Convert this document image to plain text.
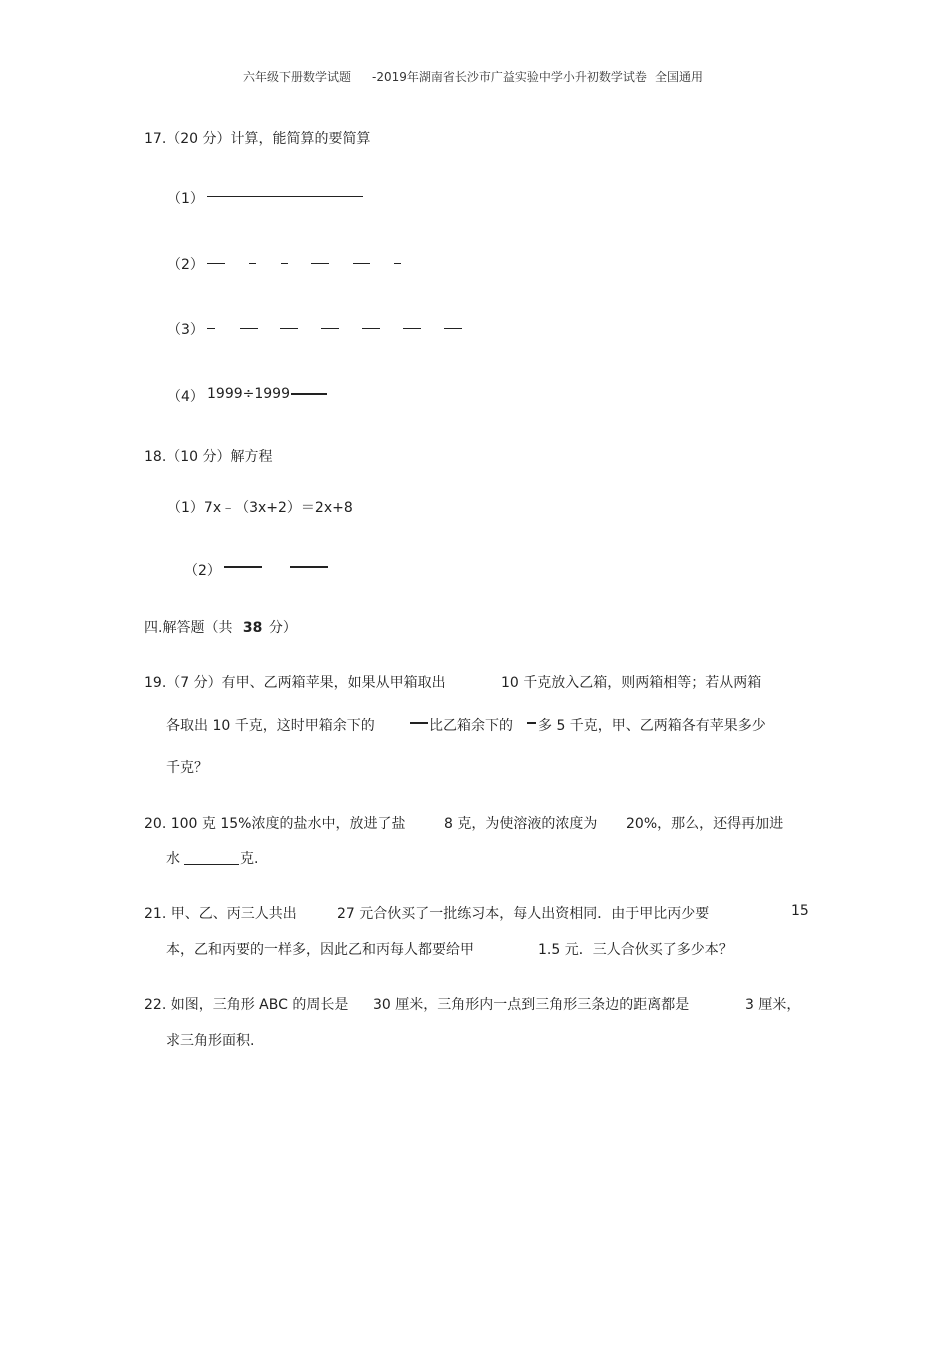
六年级下册数学试题 -2019年湖南省长沙市广益实验中学小升初数学试卷 全国通用
17.（20 分）计算，能简算的要简算
（1）
（2）
（3）
（4） 1999÷1999
18.（10 分）解方程
（1）7x﹣（3x+2）＝2x+8
（2）
四.解答题（共 38 分）
19.（7 分）有甲、乙两箱苹果，如果从甲箱取出	10 千克放入乙箱，则两箱相等；若从两箱
各取出 10 千克，这时甲箱余下的	比乙箱余下的 多 5 千克，甲、乙两箱各有苹果多少
千克？
20. 100 克 15%浓度的盐水中，放进了盐	8 克，为使溶液的浓度为 20%，那么，还得再加进
水	克.
21. 甲、乙、丙三人共出	27 元合伙买了一批练习本，每人出资相同．由于甲比丙少要	15
本，乙和丙要的一样多，因此乙和丙每人都要给甲	1.5 元．三人合伙买了多少本？
22. 如图，三角形 ABC 的周长是 30 厘米，三角形内一点到三角形三条边的距离都是	3 厘米，
求三角形面积.
